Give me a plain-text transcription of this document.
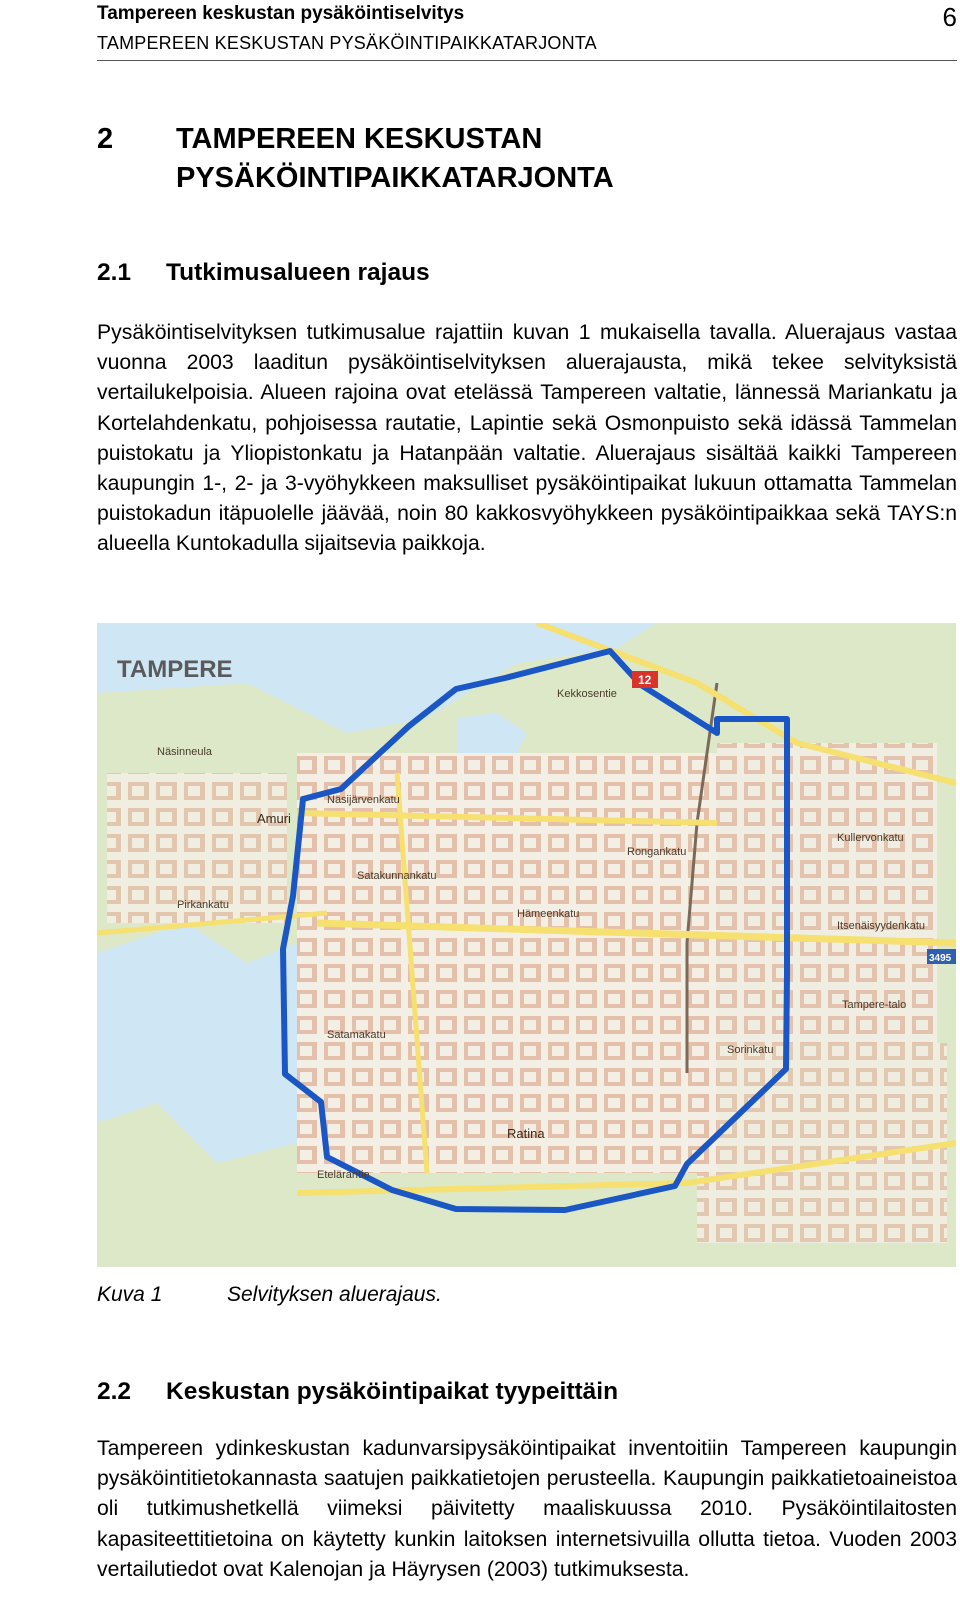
Tampereen keskustan pysäköintiselvitys
TAMPEREEN KESKUSTAN PYSÄKÖINTIPAIKKATARJONTA
6
2 TAMPEREEN KESKUSTAN PYSÄKÖINTIPAIKKATARJONTA
2.1 Tutkimusalueen rajaus

Pysäköintiselvityksen tutkimusalue rajattiin kuvan 1 mukaisella tavalla. Aluerajaus vastaa vuonna 2003 laaditun pysäköintiselvityksen aluerajausta, mikä tekee selvityksistä vertailukelpoisia. Alueen rajoina ovat etelässä Tampereen valtatie, lännessä Mariankatu ja Kortelahdenkatu, pohjoisessa rautatie, Lapintie sekä Osmonpuisto sekä idässä Tammelan puistokatu ja Yliopistonkatu ja Hatanpään valtatie. Aluerajaus sisältää kaikki Tampereen kaupungin 1-, 2- ja 3-vyöhykkeen maksulliset pysäköintipaikat lukuun ottamatta Tammelan puistokadun itäpuolelle jäävää, noin 80 kakkosvyöhykkeen pysäköintipaikkaa sekä TAYS:n alueella Kuntokadulla sijaitsevia paikkoja.

TAMPERE	12
3495
Näsijärvenkatu
Satakunnankatu
Hämeenkatu
Amuri
Pirkankatu
Satamakatu
Ratina
Etelärantie
Tampere-talo
Kullervonkatu
Itsenäisyydenkatu
Näsinneula
Kekkosentie
Rongankatu
Sorinkatu
Kuva 1	Selvityksen aluerajaus.
2.2 Keskustan pysäköintipaikat tyypeittäin

Tampereen ydinkeskustan kadunvarsipysäköintipaikat inventoitiin Tampereen kaupungin pysäköintitietokannasta saatujen paikkatietojen perusteella. Kaupungin paikkatietoaineistoa oli tutkimushetkellä viimeksi päivitetty maaliskuussa 2010. Pysäköintilaitosten kapasiteettitietoina on käytetty kunkin laitoksen internetsivuilla ollutta tietoa. Vuoden 2003 vertailutiedot ovat Kalenojan ja Häyrysen (2003) tutkimuksesta.
